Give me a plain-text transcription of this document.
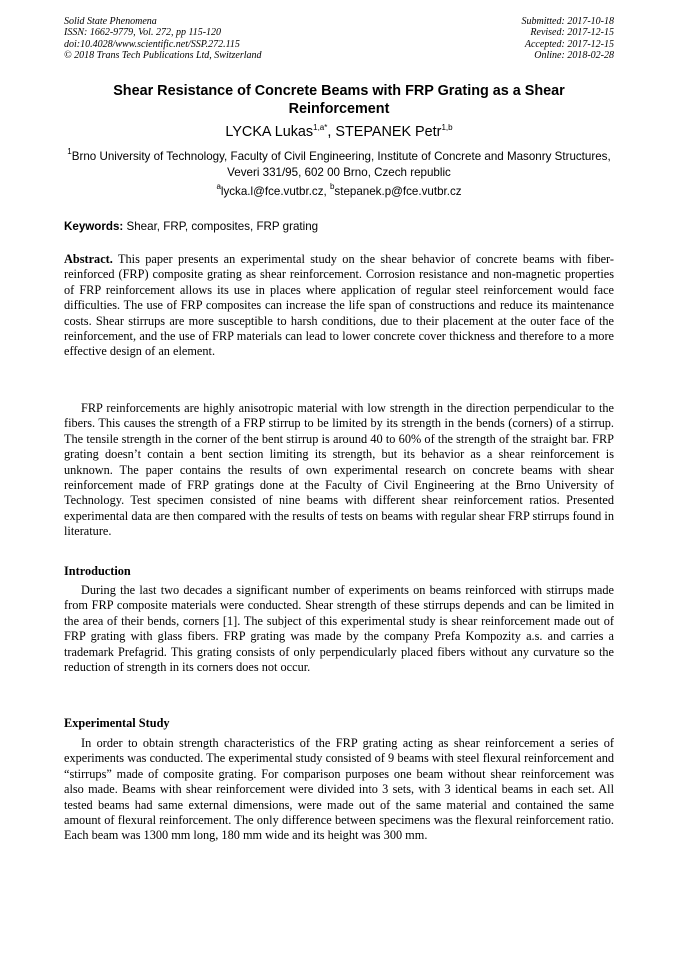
Solid State Phenomena
ISSN: 1662-9779, Vol. 272, pp 115-120
doi:10.4028/www.scientific.net/SSP.272.115
© 2018 Trans Tech Publications Ltd, Switzerland
Submitted: 2017-10-18
Revised: 2017-12-15
Accepted: 2017-12-15
Online: 2018-02-28
Shear Resistance of Concrete Beams with FRP Grating as a Shear Reinforcement
LYCKA Lukas$^{1,a*}$, STEPANEK Petr$^{1,b}$
$^1$Brno University of Technology, Faculty of Civil Engineering, Institute of Concrete and Masonry Structures, Veveri 331/95, 602 00 Brno, Czech republic
$^a$lycka.l@fce.vutbr.cz, $^b$stepanek.p@fce.vutbr.cz
Keywords: Shear, FRP, composites, FRP grating

Abstract. This paper presents an experimental study on the shear behavior of concrete beams with fiber-reinforced (FRP) composite grating as shear reinforcement. Corrosion resistance and non-magnetic properties of FRP reinforcement allows its use in places where application of regular steel reinforcement would face difficulties. The use of FRP composites can increase the life span of constructions and reduce its maintenance costs. Shear stirrups are more susceptible to harsh conditions, due to their placement at the outer face of the reinforcement, and the use of FRP materials can lead to lower concrete cover thickness and therefore to a more effective design of an element.

FRP reinforcements are highly anisotropic material with low strength in the direction perpendicular to the fibers. This causes the strength of a FRP stirrup to be limited by its strength in the bends (corners) of a stirrup. The tensile strength in the corner of the bent stirrup is around 40 to 60% of the strength of the straight bar. FRP grating doesn’t contain a bent section limiting its strength, but its behavior as a shear reinforcement is unknown. The paper contains the results of own experimental research on concrete beams with shear reinforcement made of FRP gratings done at the Faculty of Civil Engineering at the Brno University of Technology. Test specimen consisted of nine beams with different shear reinforcement ratios. Presented experimental data are then compared with the results of tests on beams with regular shear FRP stirrups found in literature.

Introduction

During the last two decades a significant number of experiments on beams reinforced with stirrups made from FRP composite materials were conducted. Shear strength of these stirrups depends and can be limited in the area of their bends, corners [1]. The subject of this experimental study is shear reinforcement made out of FRP grating with glass fibers. FRP grating was made by the company Prefa Kompozity a.s. and carries a trademark Prefagrid. This grating consists of only perpendicularly placed fibers without any curvature so the reduction of strength in its corners does not occur.

Experimental Study

In order to obtain strength characteristics of the FRP grating acting as shear reinforcement a series of experiments was conducted. The experimental study consisted of 9 beams with steel flexural reinforcement and “stirrups” made of composite grating. For comparison purposes one beam without shear reinforcement was also made. Beams with shear reinforcement were divided into 3 sets, with 3 identical beams in each set. All tested beams had same external dimensions, were made out of the same material and contained the same amount of flexural reinforcement. The only difference between specimens was the flexural reinforcement ratio. Each beam was 1300 mm long, 180 mm wide and its height was 300 mm.
